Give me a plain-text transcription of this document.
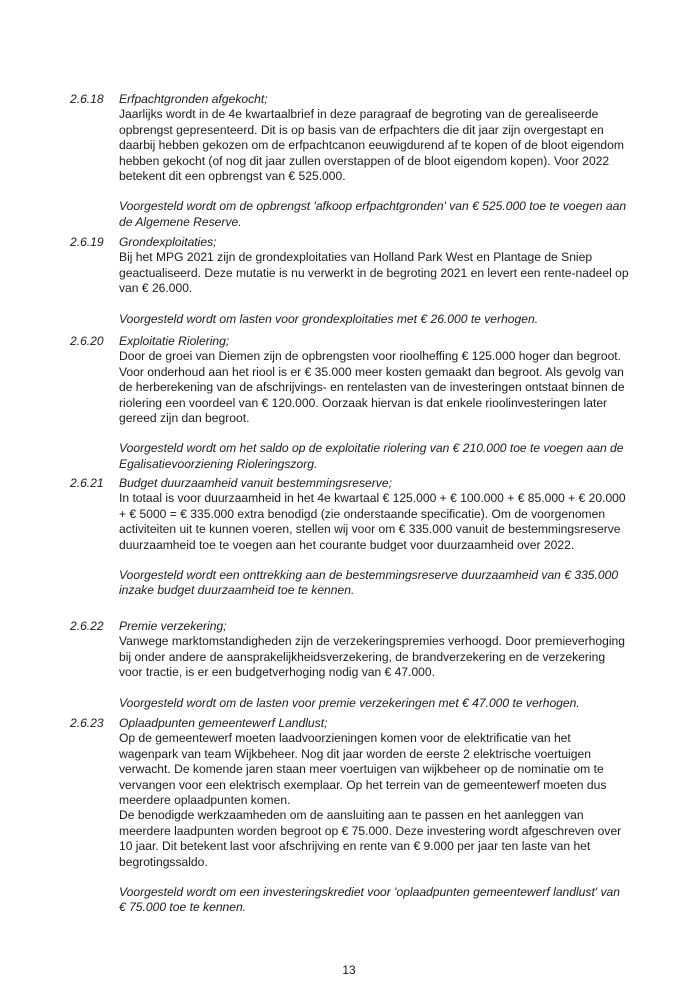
2.6.18	Erfpachtgronden afgekocht;

Jaarlijks wordt in de 4e kwartaalbrief in deze paragraaf de begroting van de gerealiseerde opbrengst gepresenteerd. Dit is op basis van de erfpachters die dit jaar zijn overgestapt en daarbij hebben gekozen om de erfpachtcanon eeuwigdurend af te kopen of de bloot eigendom hebben gekocht (of nog dit jaar zullen overstappen of de bloot eigendom kopen). Voor 2022 betekent dit een opbrengst van € 525.000.

Voorgesteld wordt om de opbrengst 'afkoop erfpachtgronden' van € 525.000 toe te voegen aan de Algemene Reserve.

2.6.19	Grondexploitaties;

Bij het MPG 2021 zijn de grondexploitaties van Holland Park West en Plantage de Sniep geactualiseerd. Deze mutatie is nu verwerkt in de begroting 2021 en levert een rente-nadeel op van € 26.000.

Voorgesteld wordt om lasten voor grondexploitaties met € 26.000 te verhogen.

2.6.20	Exploitatie Riolering;

Door de groei van Diemen zijn de opbrengsten voor rioolheffing € 125.000 hoger dan begroot. Voor onderhoud aan het riool is er € 35.000 meer kosten gemaakt dan begroot. Als gevolg van de herberekening van de afschrijvings- en rentelasten van de investeringen ontstaat binnen de riolering een voordeel van € 120.000. Oorzaak hiervan is dat enkele rioolinvesteringen later gereed zijn dan begroot.

Voorgesteld wordt om het saldo op de exploitatie riolering van € 210.000 toe te voegen aan de Egalisatievoorziening Rioleringszorg.

2.6.21	Budget duurzaamheid vanuit bestemmingsreserve;

In totaal is voor duurzaamheid in het 4e kwartaal € 125.000 + € 100.000 + € 85.000 + € 20.000 + € 5000 = € 335.000 extra benodigd (zie onderstaande specificatie). Om de voorgenomen activiteiten uit te kunnen voeren, stellen wij voor om € 335.000 vanuit de bestemmingsreserve duurzaamheid toe te voegen aan het courante budget voor duurzaamheid over 2022.

Voorgesteld wordt een onttrekking aan de bestemmingsreserve duurzaamheid van € 335.000 inzake budget duurzaamheid toe te kennen.

2.6.22	Premie verzekering;

Vanwege marktomstandigheden zijn de verzekeringspremies verhoogd. Door premieverhoging bij onder andere de aansprakelijkheidsverzekering, de brandverzekering en de verzekering voor tractie, is er een budgetverhoging nodig van € 47.000.

Voorgesteld wordt om de lasten voor premie verzekeringen met € 47.000 te verhogen.

2.6.23	Oplaadpunten gemeentewerf Landlust;

Op de gemeentewerf moeten laadvoorzieningen komen voor de elektrificatie van het wagenpark van team Wijkbeheer. Nog dit jaar worden de eerste 2 elektrische voertuigen verwacht. De komende jaren staan meer voertuigen van wijkbeheer op de nominatie om te vervangen voor een elektrisch exemplaar. Op het terrein van de gemeentewerf moeten dus meerdere oplaadpunten komen.

De benodigde werkzaamheden om de aansluiting aan te passen en het aanleggen van meerdere laadpunten worden begroot op € 75.000. Deze investering wordt afgeschreven over 10 jaar. Dit betekent last voor afschrijving en rente van € 9.000 per jaar ten laste van het begrotingssaldo.

Voorgesteld wordt om een investeringskrediet voor 'oplaadpunten gemeentewerf landlust' van € 75.000 toe te kennen.

13
